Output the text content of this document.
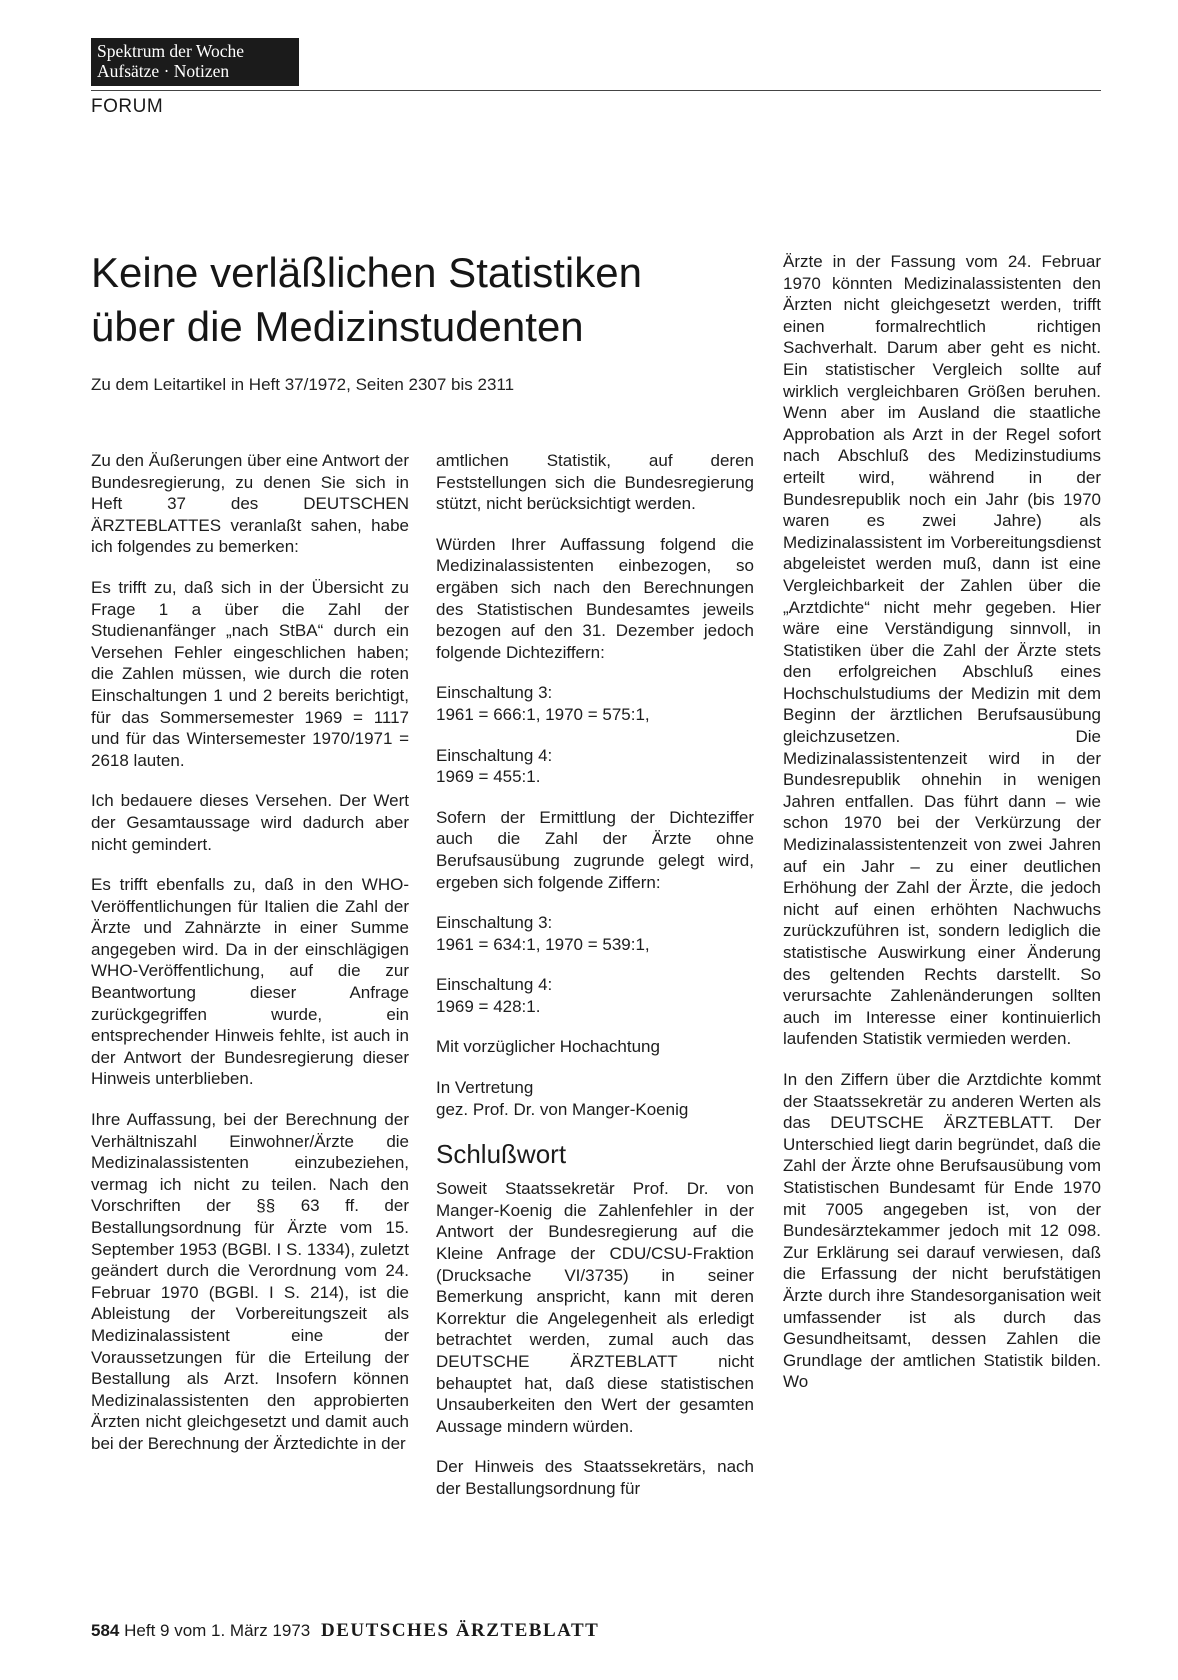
Spektrum der Woche
Aufsätze · Notizen
FORUM
Keine verläßlichen Statistiken
über die Medizinstudenten
Zu dem Leitartikel in Heft 37/1972, Seiten 2307 bis 2311

Zu den Äußerungen über eine Antwort der Bundesregierung, zu denen Sie sich in Heft 37 des DEUTSCHEN ÄRZTEBLATTES veranlaßt sahen, habe ich folgendes zu bemerken:

Es trifft zu, daß sich in der Übersicht zu Frage 1 a über die Zahl der Studienanfänger „nach StBA“ durch ein Versehen Fehler eingeschlichen haben; die Zahlen müssen, wie durch die roten Einschaltungen 1 und 2 bereits berichtigt, für das Sommersemester 1969 = 1117 und für das Wintersemester 1970/1971 = 2618 lauten.

Ich bedauere dieses Versehen. Der Wert der Gesamtaussage wird dadurch aber nicht gemindert.

Es trifft ebenfalls zu, daß in den WHO-Veröffentlichungen für Italien die Zahl der Ärzte und Zahnärzte in einer Summe angegeben wird. Da in der einschlägigen WHO-Veröffentlichung, auf die zur Beantwortung dieser Anfrage zurückgegriffen wurde, ein entsprechender Hinweis fehlte, ist auch in der Antwort der Bundesregierung dieser Hinweis unterblieben.

Ihre Auffassung, bei der Berechnung der Verhältniszahl Einwohner/Ärzte die Medizinalassistenten einzubeziehen, vermag ich nicht zu teilen. Nach den Vorschriften der §§ 63 ff. der Bestallungsordnung für Ärzte vom 15. September 1953 (BGBl. I S. 1334), zuletzt geändert durch die Verordnung vom 24. Februar 1970 (BGBl. I S. 214), ist die Ableistung der Vorbereitungszeit als Medizinalassistent eine der Voraussetzungen für die Erteilung der Bestallung als Arzt. Insofern können Medizinalassistenten den approbierten Ärzten nicht gleichgesetzt und damit auch bei der Berechnung der Ärztedichte in der

amtlichen Statistik, auf deren Feststellungen sich die Bundesregierung stützt, nicht berücksichtigt werden.

Würden Ihrer Auffassung folgend die Medizinalassistenten einbezogen, so ergäben sich nach den Berechnungen des Statistischen Bundesamtes jeweils bezogen auf den 31. Dezember jedoch folgende Dichteziffern:

Einschaltung 3:
1961 = 666:1, 1970 = 575:1,

Einschaltung 4:
1969 = 455:1.

Sofern der Ermittlung der Dichteziffer auch die Zahl der Ärzte ohne Berufsausübung zugrunde gelegt wird, ergeben sich folgende Ziffern:

Einschaltung 3:
1961 = 634:1, 1970 = 539:1,

Einschaltung 4:
1969 = 428:1.

Mit vorzüglicher Hochachtung

In Vertretung
gez. Prof. Dr. von Manger-Koenig

Schlußwort

Soweit Staatssekretär Prof. Dr. von Manger-Koenig die Zahlenfehler in der Antwort der Bundesregierung auf die Kleine Anfrage der CDU/CSU-Fraktion (Drucksache VI/3735) in seiner Bemerkung anspricht, kann mit deren Korrektur die Angelegenheit als erledigt betrachtet werden, zumal auch das DEUTSCHE ÄRZTEBLATT nicht behauptet hat, daß diese statistischen Unsauberkeiten den Wert der gesamten Aussage mindern würden.

Der Hinweis des Staatssekretärs, nach der Bestallungsordnung für

Ärzte in der Fassung vom 24. Februar 1970 könnten Medizinalassistenten den Ärzten nicht gleichgesetzt werden, trifft einen formalrechtlich richtigen Sachverhalt. Darum aber geht es nicht. Ein statistischer Vergleich sollte auf wirklich vergleichbaren Größen beruhen. Wenn aber im Ausland die staatliche Approbation als Arzt in der Regel sofort nach Abschluß des Medizinstudiums erteilt wird, während in der Bundesrepublik noch ein Jahr (bis 1970 waren es zwei Jahre) als Medizinalassistent im Vorbereitungsdienst abgeleistet werden muß, dann ist eine Vergleichbarkeit der Zahlen über die „Arztdichte“ nicht mehr gegeben. Hier wäre eine Verständigung sinnvoll, in Statistiken über die Zahl der Ärzte stets den erfolgreichen Abschluß eines Hochschulstudiums der Medizin mit dem Beginn der ärztlichen Berufsausübung gleichzusetzen. Die Medizinalassistentenzeit wird in der Bundesrepublik ohnehin in wenigen Jahren entfallen. Das führt dann – wie schon 1970 bei der Verkürzung der Medizinalassistentenzeit von zwei Jahren auf ein Jahr – zu einer deutlichen Erhöhung der Zahl der Ärzte, die jedoch nicht auf einen erhöhten Nachwuchs zurückzuführen ist, sondern lediglich die statistische Auswirkung einer Änderung des geltenden Rechts darstellt. So verursachte Zahlenänderungen sollten auch im Interesse einer kontinuierlich laufenden Statistik vermieden werden.

In den Ziffern über die Arztdichte kommt der Staatssekretär zu anderen Werten als das DEUTSCHE ÄRZTEBLATT. Der Unterschied liegt darin begründet, daß die Zahl der Ärzte ohne Berufsausübung vom Statistischen Bundesamt für Ende 1970 mit 7005 angegeben ist, von der Bundesärztekammer jedoch mit 12 098. Zur Erklärung sei darauf verwiesen, daß die Erfassung der nicht berufstätigen Ärzte durch ihre Standesorganisation weit umfassender ist als durch das Gesundheitsamt, dessen Zahlen die Grundlage der amtlichen Statistik bilden. Wo

584 Heft 9 vom 1. März 1973 DEUTSCHES ÄRZTEBLATT
